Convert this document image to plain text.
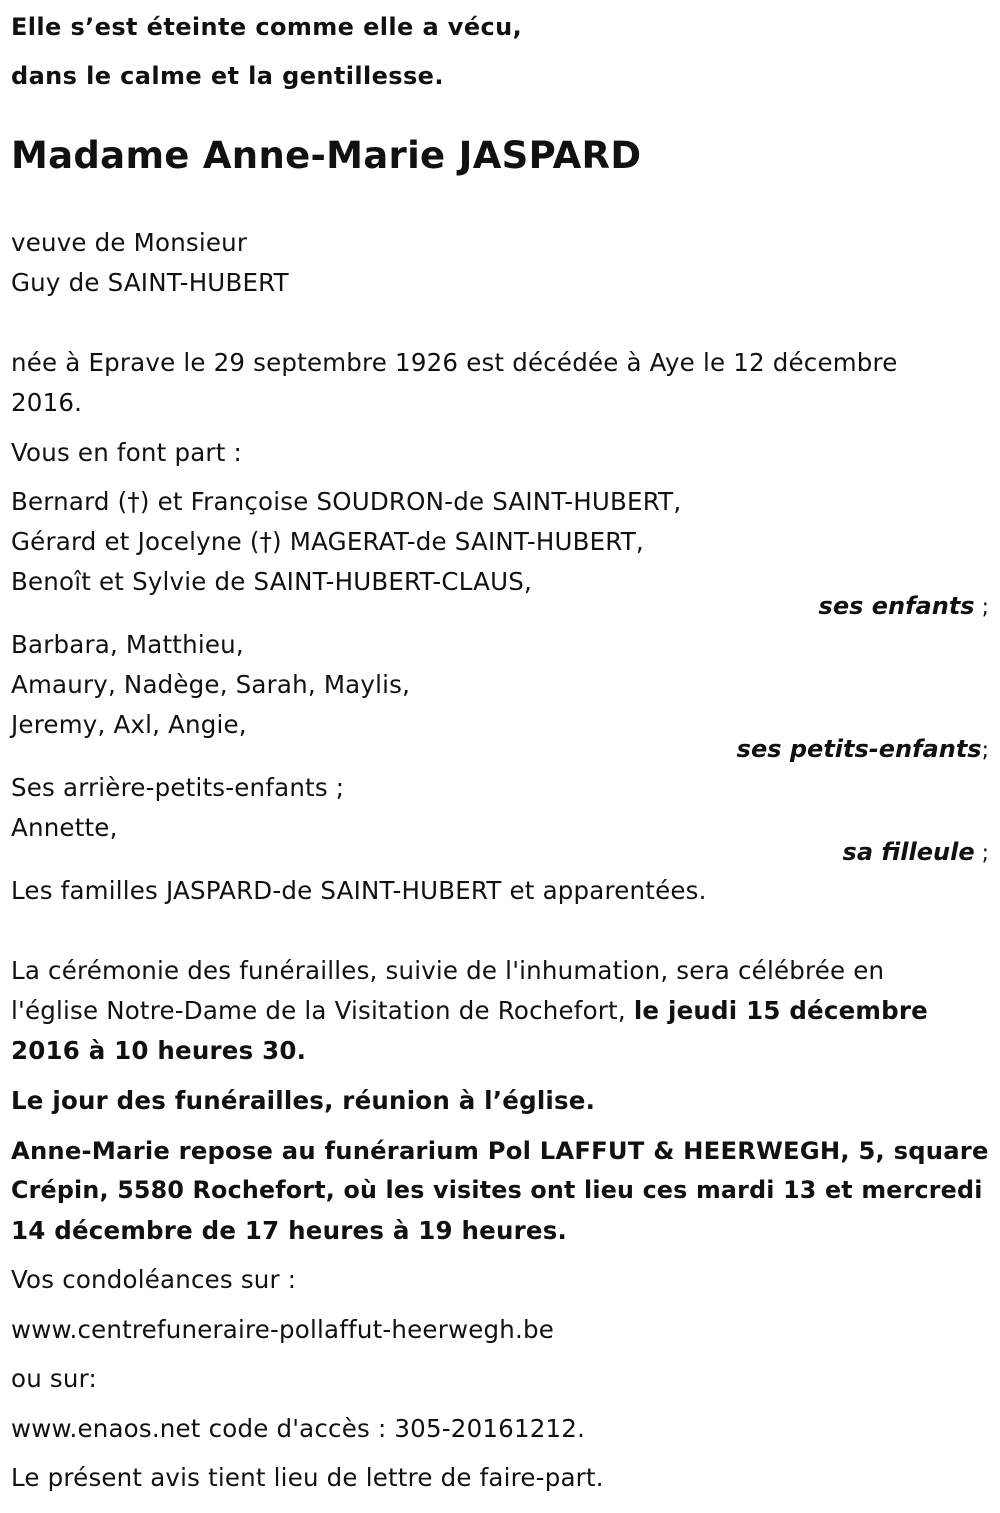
Elle s’est éteinte comme elle a vécu,
dans le calme et la gentillesse.
Madame Anne-Marie JASPARD
veuve de Monsieur
Guy de SAINT-HUBERT
née à Eprave le 29 septembre 1926 est décédée à Aye le 12 décembre
2016.
Vous en font part :
Bernard (†) et Françoise SOUDRON-de SAINT-HUBERT,
Gérard et Jocelyne (†) MAGERAT-de SAINT-HUBERT,
Benoît et Sylvie de SAINT-HUBERT-CLAUS,
ses enfants ;
Barbara, Matthieu,
Amaury, Nadège, Sarah, Maylis,
Jeremy, Axl, Angie,
ses petits-enfants;
Ses arrière-petits-enfants ;
Annette,
sa filleule ;
Les familles JASPARD-de SAINT-HUBERT et apparentées.
La cérémonie des funérailles, suivie de l'inhumation, sera célébrée en
l'église Notre-Dame de la Visitation de Rochefort, le jeudi 15 décembre
2016 à 10 heures 30.
Le jour des funérailles, réunion à l’église.
Anne-Marie repose au funérarium Pol LAFFUT & HEERWEGH, 5, square
Crépin, 5580 Rochefort, où les visites ont lieu ces mardi 13 et mercredi
14 décembre de 17 heures à 19 heures.
Vos condoléances sur :
www.centrefuneraire-pollaffut-heerwegh.be
ou sur:
www.enaos.net code d'accès : 305-20161212.
Le présent avis tient lieu de lettre de faire-part.
